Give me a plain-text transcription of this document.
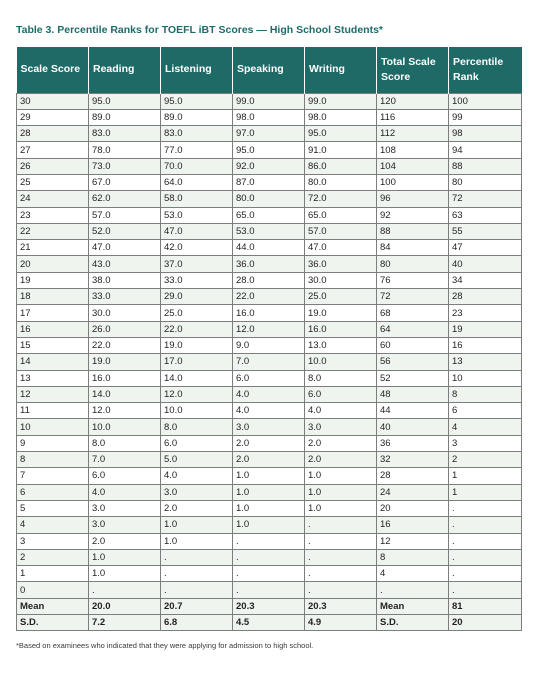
Table 3. Percentile Ranks for TOEFL iBT Scores — High School Students*
Scale Score	Reading	Listening	Speaking	Writing	Total Scale Score	Percentile Rank
30	95.0	95.0	99.0	99.0	120	100
29	89.0	89.0	98.0	98.0	116	99
28	83.0	83.0	97.0	95.0	112	98
27	78.0	77.0	95.0	91.0	108	94
26	73.0	70.0	92.0	86.0	104	88
25	67.0	64.0	87.0	80.0	100	80
24	62.0	58.0	80.0	72.0	96	72
23	57.0	53.0	65.0	65.0	92	63
22	52.0	47.0	53.0	57.0	88	55
21	47.0	42.0	44.0	47.0	84	47
20	43.0	37.0	36.0	36.0	80	40
19	38.0	33.0	28.0	30.0	76	34
18	33.0	29.0	22.0	25.0	72	28
17	30.0	25.0	16.0	19.0	68	23
16	26.0	22.0	12.0	16.0	64	19
15	22.0	19.0	9.0	13.0	60	16
14	19.0	17.0	7.0	10.0	56	13
13	16.0	14.0	6.0	8.0	52	10
12	14.0	12.0	4.0	6.0	48	8
11	12.0	10.0	4.0	4.0	44	6
10	10.0	8.0	3.0	3.0	40	4
9	8.0	6.0	2.0	2.0	36	3
8	7.0	5.0	2.0	2.0	32	2
7	6.0	4.0	1.0	1.0	28	1
6	4.0	3.0	1.0	1.0	24	1
5	3.0	2.0	1.0	1.0	20	.
4	3.0	1.0	1.0	.	16	.
3	2.0	1.0	.	.	12	.
2	1.0	.	.	.	8	.
1	1.0	.	.	.	4	.
0	.	.	.	.	.	.
Mean	20.0	20.7	20.3	20.3	Mean	81
S.D.	7.2	6.8	4.5	4.9	S.D.	20
*Based on examinees who indicated that they were applying for admission to high school.
